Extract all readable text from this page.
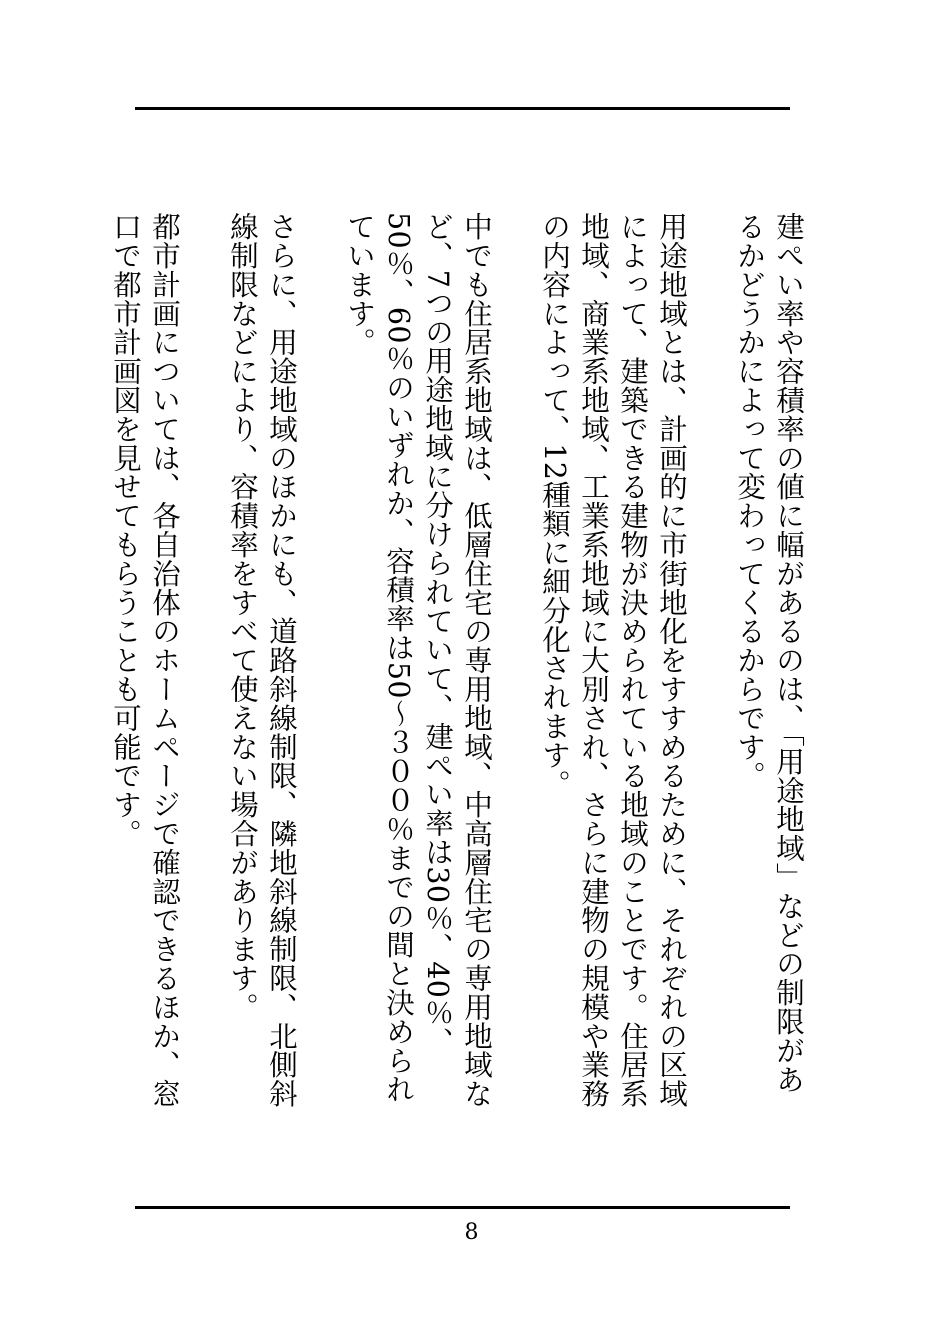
建ぺい率や容積率の値に幅があるのは、「用途地域」などの制限があるかどうかによって変わってくるからです。

用途地域とは、計画的に市街地化をすすめるために、それぞれの区域によって、建築できる建物が決められている地域のことです。住居系地域、商業系地域、工業系地域に大別され、さらに建物の規模や業務の内容によって、12種類に細分化されます。

中でも住居系地域は、低層住宅の専用地域、中高層住宅の専用地域など、7つの用途地域に分けられていて、建ぺい率は30％、40％、50％、60％のいずれか、容積率は50～３００％までの間と決められています。

さらに、用途地域のほかにも、道路斜線制限、隣地斜線制限、北側斜線制限などにより、容積率をすべて使えない場合があります。

都市計画については、各自治体のホームページで確認できるほか、窓口で都市計画図を見せてもらうことも可能です。

8
